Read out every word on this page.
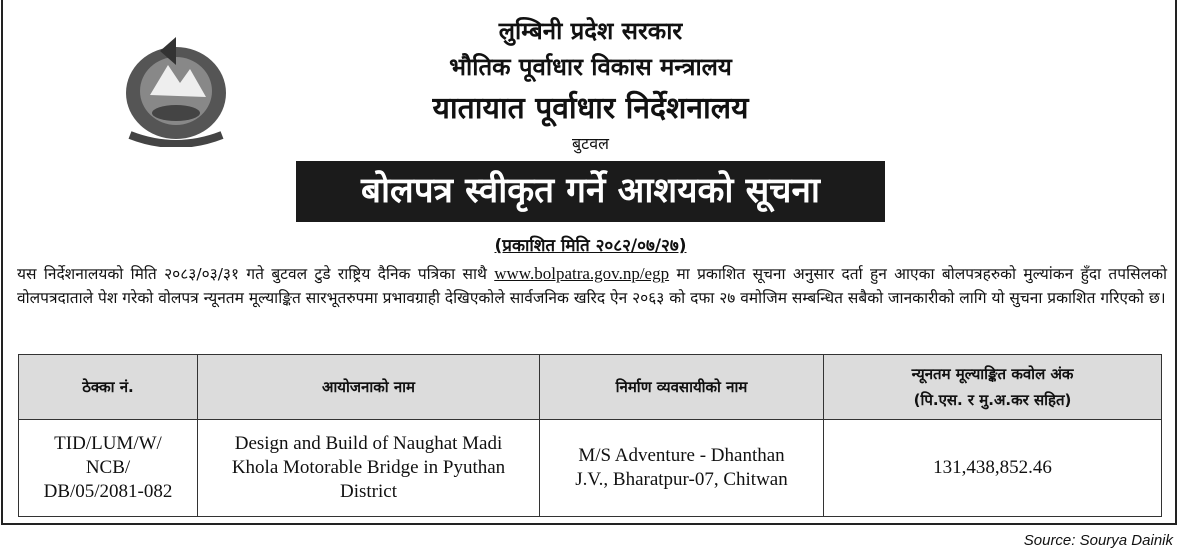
लुम्बिनी प्रदेश सरकार
भौतिक पूर्वाधार विकास मन्त्रालय
यातायात पूर्वाधार निर्देशनालय
बुटवल
बोलपत्र स्वीकृत गर्ने आशयको सूचना
(प्रकाशित मिति २०८२/०७/२७)
यस निर्देशनालयको मिति २०८३/०३/३१ गते बुटवल टुडे राष्ट्रिय दैनिक पत्रिका साथै www.bolpatra.gov.np/egp मा प्रकाशित सूचना अनुसार दर्ता हुन आएका बोलपत्रहरुको मुल्यांकन हुँदा तपसिलको वोलपत्रदाताले पेश गरेको वोलपत्र न्यूनतम मूल्याङ्कित सारभूतरुपमा प्रभावग्राही देखिएकोले सार्वजनिक खरिद ऐन २०६३ को दफा २७ वमोजिम सम्बन्धित सबैको जानकारीको लागि यो सुचना प्रकाशित गरिएको छ।
ठेक्का नं.	आयोजनाको नाम	निर्माण व्यवसायीको नाम	न्यूनतम मूल्याङ्कित कवोल अंक
(पि.एस. र मु.अ.कर सहित)
TID/LUM/W/
NCB/
DB/05/2081-082	Design and Build of Naughat Madi Khola Motorable Bridge in Pyuthan District	M/S Adventure - Dhanthan J.V., Bharatpur-07, Chitwan	131,438,852.46
Source: Sourya Dainik
